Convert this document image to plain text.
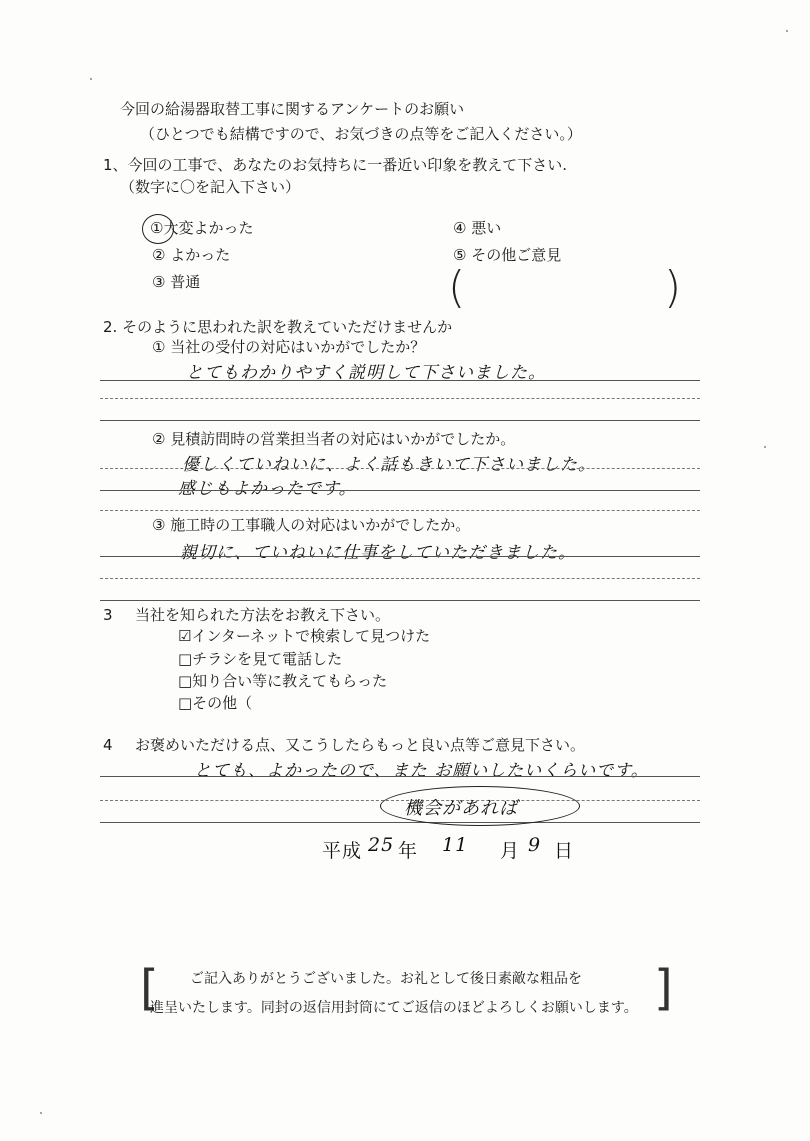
今回の給湯器取替工事に関するアンケートのお願い
（ひとつでも結構ですので、お気づきの点等をご記入ください。）
1、今回の工事で、あなたのお気持ちに一番近い印象を教えて下さい.
（数字に〇を記入下さい）
①大変よかった
② よかった
③ 普通
④ 悪い
⑤ その他ご意見
(	)
2. そのように思われた訳を教えていただけませんか
① 当社の受付の対応はいかがでしたか？
とてもわかりやすく説明して下さいました。
② 見積訪問時の営業担当者の対応はいかがでしたか。
優しくていねいに、よく話もきいて下さいました。
感じもよかったです。
③ 施工時の工事職人の対応はいかがでしたか。
親切に、ていねいに仕事をしていただきました。
3 当社を知られた方法をお教え下さい。
☑インターネットで検索して見つけた
□チラシを見て電話した
□知り合い等に教えてもらった
□その他（
4 お褒めいただける点、又こうしたらもっと良い点等ご意見下さい。
とても、よかったので、また お願いしたいくらいです。
機会があれば
平成 25 年 11 月 9 日
[	]
ご記入ありがとうございました。お礼として後日素敵な粗品を
進呈いたします。同封の返信用封筒にてご返信のほどよろしくお願いします。
